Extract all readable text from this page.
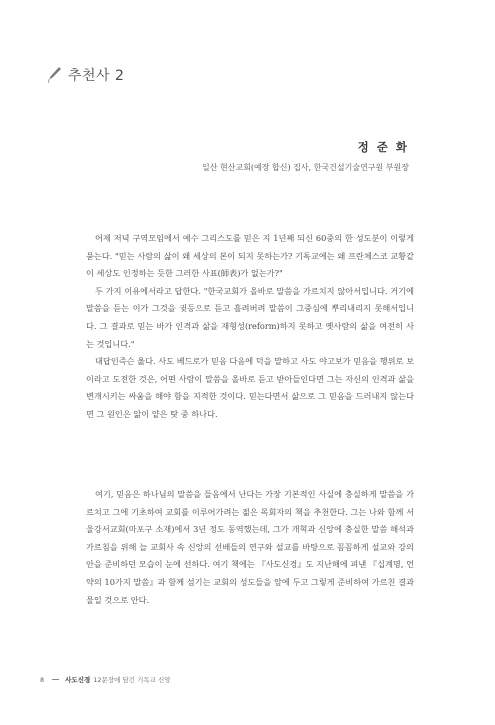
추천사 2
정 준 화
일산 현산교회(예장 합신) 집사, 한국건설기술연구원 부원장

어제 저녁 구역모임에서 예수 그리스도를 믿은 지 1년째 되신 60중의 한 성도분이 이렇게 묻는다. "믿는 사람의 삶이 왜 세상의 본이 되지 못하는가? 기독교에는 왜 프란체스코 교황같이 세상도 인정하는 듯한 그러한 사표(師表)가 없는가?"

두 가지 이유에서라고 답한다. "한국교회가 올바로 말씀을 가르치지 않아서입니다. 거기에 말씀을 듣는 이가 그것을 귓등으로 듣고 흘려버려 말씀이 그중심에 뿌리내리지 못해서입니다. 그 결과로 믿는 바가 인격과 삶을 재형성(reform)하지 못하고 옛사람의 삶을 여전히 사는 것입니다."

대답인즉슨 옳다. 사도 베드로가 믿음 다음에 덕을 말하고 사도 야고보가 믿음을 행위로 보이라고 도전한 것은, 어떤 사람이 말씀을 올바로 듣고 받아들인다면 그는 자신의 인격과 삶을 변개시키는 싸움을 해야 함을 지적한 것이다. 믿는다면서 삶으로 그 믿음을 드러내지 않는다면 그 원인은 앎이 얕은 탓 중 하나다.

여기, 믿음은 하나님의 말씀을 들음에서 난다는 가장 기본적인 사실에 충실하게 말씀을 가르치고 그에 기초하여 교회를 이루어가려는 젊은 목회자의 책을 추천한다. 그는 나와 함께 서울강서교회(마포구 소재)에서 3년 정도 동역했는데, 그가 개혁과 신앙에 충실한 말씀 해석과 가르침을 위해 늘 교회사 속 신앙의 선배들의 연구와 설교를 바탕으로 꼼꼼하게 설교와 강의안을 준비하던 모습이 눈에 선하다. 여기 책에는 『사도신경』도 지난해에 펴낸 『십계명, 언약의 10가지 말씀』과 함께 섬기는 교회의 성도들을 앞에 두고 그렇게 준비하여 가르친 결과물일 것으로 안다.

8	사도신경 12문장에 담긴 기독교 신앙
